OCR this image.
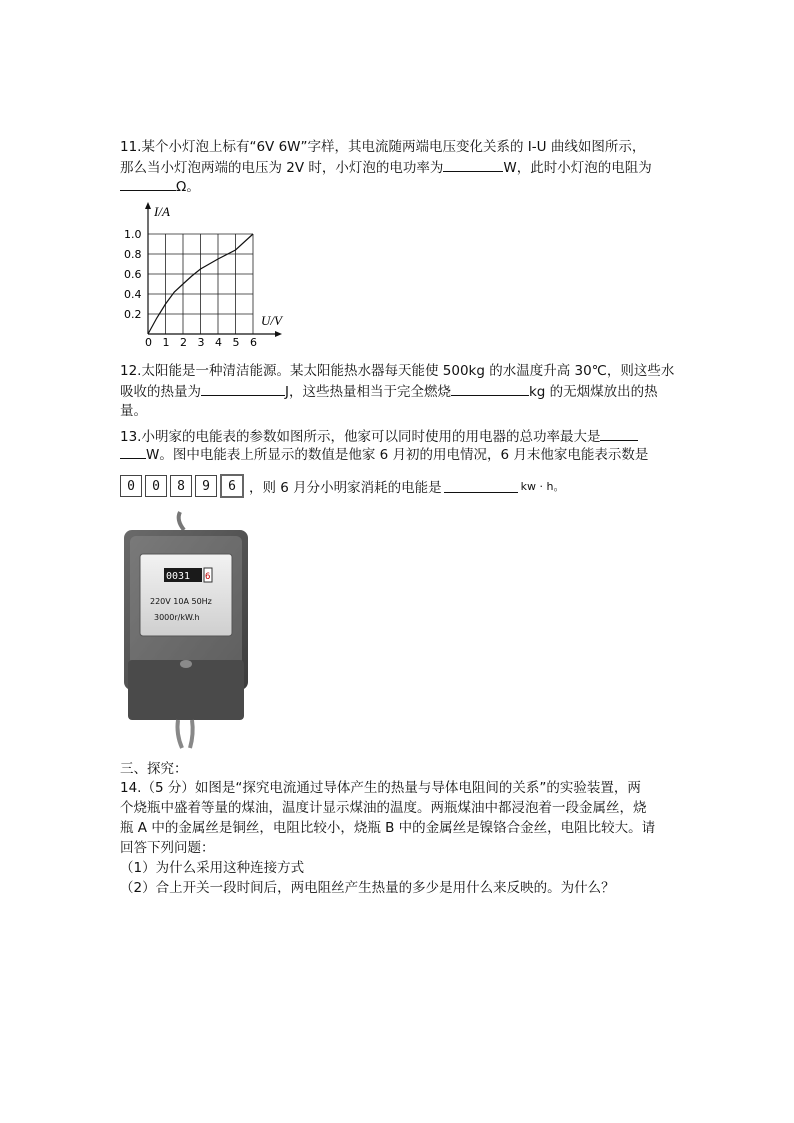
11.某个小灯泡上标有“6V 6W”字样，其电流随两端电压变化关系的 I-U 曲线如图所示，
那么当小灯泡两端的电压为 2V 时，小灯泡的电功率为	W，此时小灯泡的电阻为
Ω。
I/A
U/V
1.0
0.8
0.6
0.4
0.2
0 1 2 3 4 5 6
12.太阳能是一种清洁能源。某太阳能热水器每天能使 500kg 的水温度升高 30℃，则这些水
吸收的热量为	J，这些热量相当于完全燃烧	kg 的无烟煤放出的热
量。
13.小明家的电能表的参数如图所示，他家可以同时使用的用电器的总功率最大是
W。图中电能表上所显示的数值是他家 6 月初的用电情况，6 月末他家电能表示数是
0	0	8	9	6 ，则 6 月分小明家消耗的电能是	kw · h。
0031 6
220V 10A 50Hz
3000r/kW.h
三、探究：
14.（5 分）如图是“探究电流通过导体产生的热量与导体电阻间的关系”的实验装置，两
个烧瓶中盛着等量的煤油，温度计显示煤油的温度。两瓶煤油中都浸泡着一段金属丝，烧
瓶 A 中的金属丝是铜丝，电阻比较小，烧瓶 B 中的金属丝是镍铬合金丝，电阻比较大。请
回答下列问题：
（1）为什么采用这种连接方式
（2）合上开关一段时间后，两电阻丝产生热量的多少是用什么来反映的。为什么？
